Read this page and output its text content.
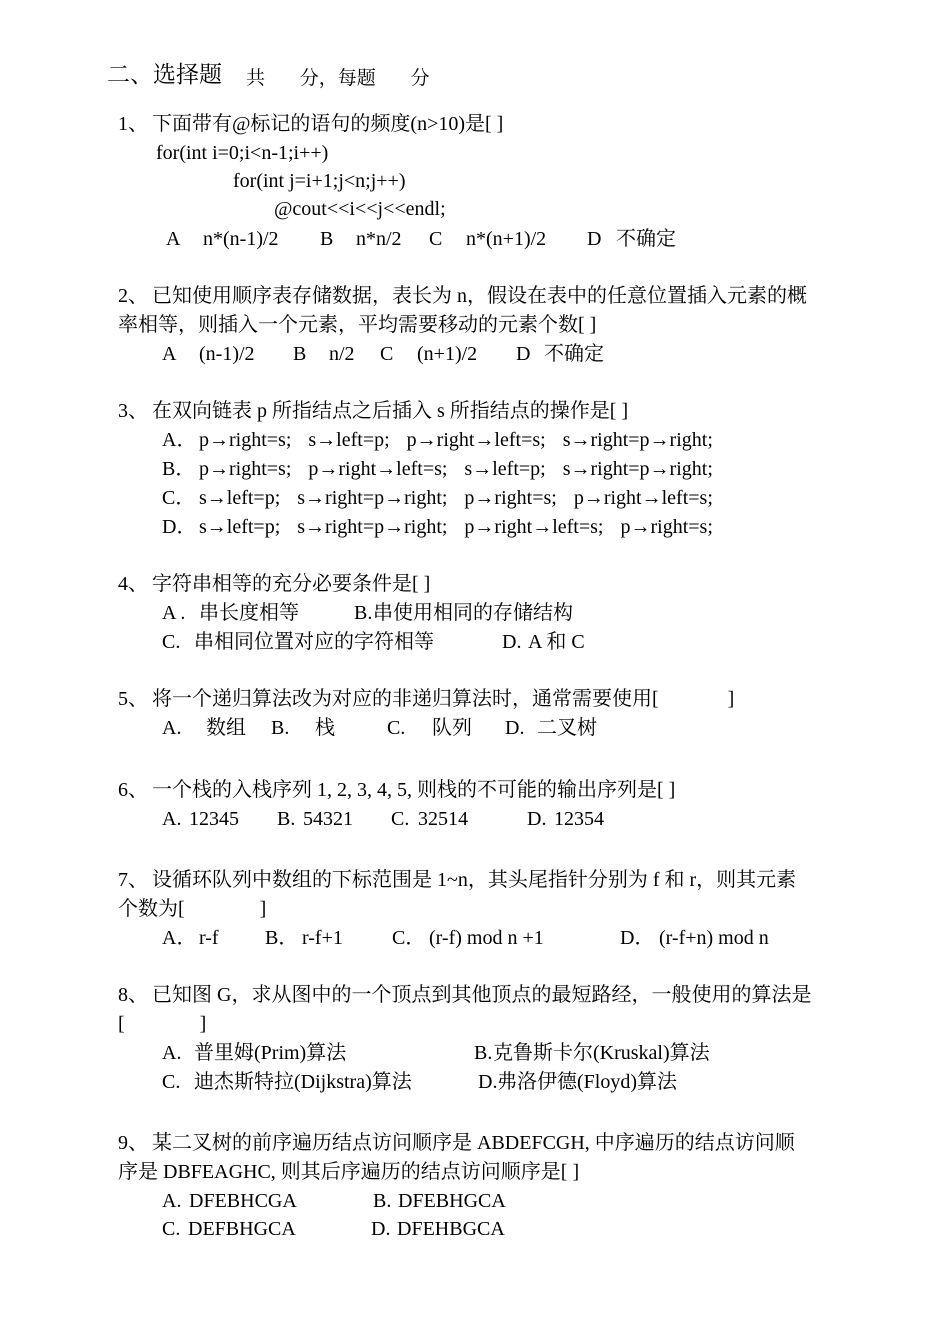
二、选择题 共 分，每题 分
1、 下面带有@标记的语句的频度(n>10)是[ ]
for(int i=0;i<n-1;i++)
for(int j=i+1;j<n;j++)
@cout<<i<<j<<endl;
A n*(n-1)/2 B n*n/2 C n*(n+1)/2 D 不确定
2、 已知使用顺序表存储数据，表长为 n，假设在表中的任意位置插入元素的概
率相等，则插入一个元素，平均需要移动的元素个数[ ]
A (n-1)/2 B n/2 C (n+1)/2 D 不确定
3、 在双向链表 p 所指结点之后插入 s 所指结点的操作是[ ]
A． p→right=s; s→left=p; p→right→left=s; s→right=p→right;
B． p→right=s; p→right→left=s; s→left=p; s→right=p→right;
C． s→left=p; s→right=p→right; p→right=s; p→right→left=s;
D． s→left=p; s→right=p→right; p→right→left=s; p→right=s;
4、 字符串相等的充分必要条件是[ ]
A . 串长度相等	B. 串使用相同的存储结构
C. 串相同位置对应的字符相等	D. A 和 C
5、 将一个递归算法改为对应的非递归算法时，通常需要使用[ ]
A. 数组 B. 栈	C. 队列 D. 二叉树
6、 一个栈的入栈序列 1, 2, 3, 4, 5, 则栈的不可能的输出序列是[ ]
A. 12345 B. 54321 C. 32514	D. 12354
7、 设循环队列中数组的下标范围是 1~n，其头尾指针分别为 f 和 r，则其元素
个数为[ ]
A． r-f B． r-f+1 C． (r-f) mod n +1	D． (r-f+n) mod n
8、 已知图 G，求从图中的一个顶点到其他顶点的最短路经，一般使用的算法是
[ ]
A. 普里姆(Prim)算法	B. 克鲁斯卡尔(Kruskal)算法
C. 迪杰斯特拉(Dijkstra)算法	D. 弗洛伊德(Floyd)算法
9、 某二叉树的前序遍历结点访问顺序是 ABDEFCGH, 中序遍历的结点访问顺
序是 DBFEAGHC, 则其后序遍历的结点访问顺序是[ ]
A. DFEBHCGA	B. DFEBHGCA
C. DEFBHGCA	D. DFEHBGCA
